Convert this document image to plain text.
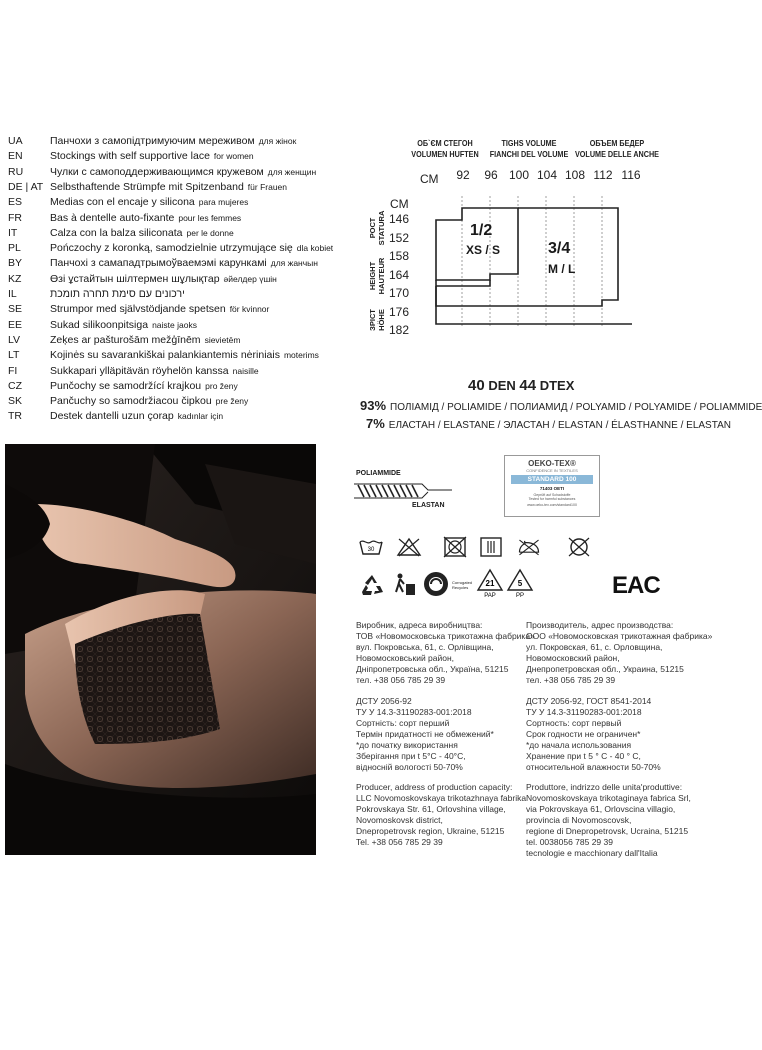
UA	Панчохи з самопідтримуючим мереживом для жінок
EN	Stockings with self supportive lace for women
RU	Чулки с самоподдерживающимся кружевом для женщин
DE | AT Selbsthaftende Strümpfe mit Spitzenband für Frauen
ES	Medias con el encaje y silicona para mujeres
FR	Bas à dentelle auto-fixante pour les femmes
IT	Calza con la balza siliconata per le donne
PL	Pończochy z koronką, samodzielnie utrzymujące się dla kobiet
BY	Панчохі з самападтрымоўваемэмі карункамі для жанчын
KZ	Өзі ұстайтын шілтермен шұлықтар әйелдер үшін
IL	ירכונים עם סימת תחרה תומכת
SE	Strumpor med självstödjande spetsen för kvinnor
EE	Sukad silikoonpitsiga naiste jaoks
LV	Zeķes ar pašturošām mežģīnēm sievietēm
LT	Kojinės su savarankiškai palankiantemis nėriniais moterims
FI	Sukkapari ylläpitävän röyhelön kanssa naisille
CZ	Punčochy se samodržící krajkou pro ženy
SK	Pančuchy so samodržiacou čipkou pre ženy
TR	Destek dantelli uzun çorap kadınlar için
СМ
CM
1/2
XS / S	3/4
M / L
40 DEN 44 DTEX
93% ПОЛІАМІД / POLIAMIDE / ПОЛИАМИД / POLYAMID / POLYAMIDE / POLIAMMIDE
7% ЕЛАСТАН / ELASTANE / ЭЛАСТАН / ELASTAN / ÉLASTHANNE / ELASTAN
POLIAMMIDE
ELASTAN
OEKO-TEX®
CONFIDENCE IN TEXTILES
STANDARD 100
71403 OETI
Geprüft auf Schadstoffe
Tested for harmful substances
www.oeko-tex.com/standard100
30
Corrugated Recycles	21
PAP
5
PP	EAC
Виробник, адреса виробництва:
ТОВ «Новомосковська трикотажна фабрика»
вул. Покровська, 61, с. Орлівщина,
Новомосковський район,
Дніпропетровська обл., Україна, 51215
тел. +38 056 785 29 39
Производитель, адрес производства:
ООО «Новомосковская трикотажная фабрика»
ул. Покровская, 61, с. Орловщина,
Новомосковский район,
Днепропетровская обл., Украина, 51215
тел. +38 056 785 29 39
ДСТУ 2056-92
ТУ У 14.3-31190283-001:2018
Сортність: сорт перший
Термін придатності не обмежений*
*до початку використання
Зберігання при t 5°C - 40°C,
відносній вологості 50-70%
ДСТУ 2056-92, ГОСТ 8541-2014
ТУ У 14.3-31190283-001:2018
Сортность: сорт первый
Срок годности не ограничен*
*до начала использования
Хранение при t 5 ° C - 40 ° C,
относительной влажности 50-70%
Producer, address of production capacity:
LLC Novomoskovskaya trikotazhnaya fabrika
Pokrovskaya Str. 61, Orlovshina village,
Novomoskovsk district,
Dnepropetrovsk region, Ukraine, 51215
Tel. +38 056 785 29 39
Produttore, indrizzo delle unita'produttive:
Novomoskovskaya trikotaginaya fabrica Srl,
via Pokrovskaya 61, Orlovscina villagio,
provincia di Novomoscovsk,
regione di Dnepropetrovsk, Ucraina, 51215
tel. 0038056 785 29 39
tecnologie e macchionary dall'Italia
ОБ`ЄМ СТЕГОН
VOLUMEN HUFTEN
TIGHS VOLUME
FIANCHI DEL VOLUME
ОБЪЕМ БЕДЕР
VOLUME DELLE ANCHE
92	96 100 104 108 112 116
146
152
158
164
170
176
182
РОСТ STATURA
HEIGHT HAUTEUR
ЗРІСТ HÖHE
